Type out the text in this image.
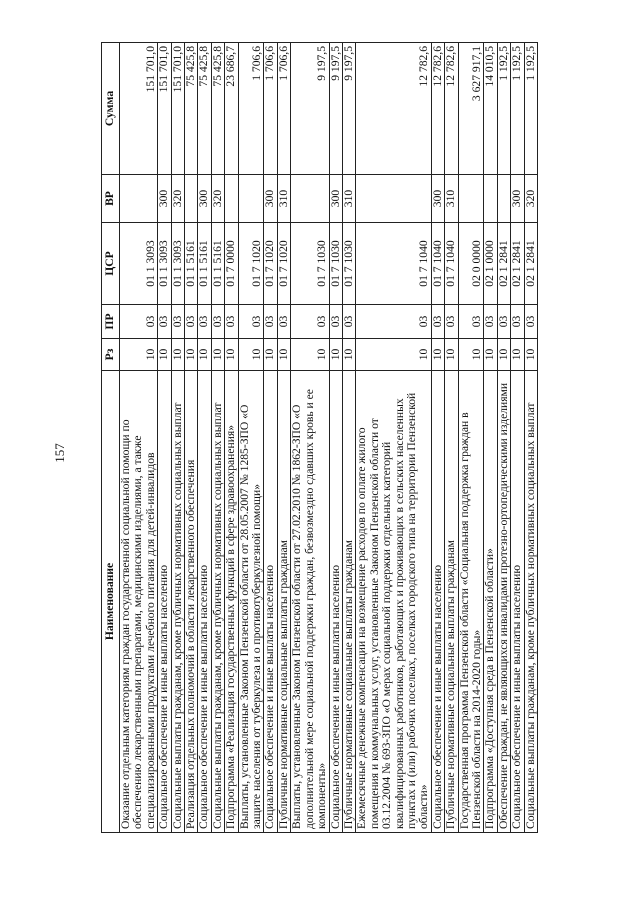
157
Наименование	Рз	ПР	ЦСР	ВР	Сумма
Оказание отдельным категориям граждан государственной социальной помощи по обеспечению лекарственными препаратами, медицинскими изделиями, а также специализированными продуктами лечебного питания для детей-инвалидов	10	03	01 1 3093		151 701,0
Социальное обеспечение и иные выплаты населению	10	03	01 1 3093	300	151 701,0
Социальные выплаты гражданам, кроме публичных нормативных социальных выплат	10	03	01 1 3093	320	151 701,0
Реализация отдельных полномочий в области лекарственного обеспечения	10	03	01 1 5161		75 425,8
Социальное обеспечение и иные выплаты населению	10	03	01 1 5161	300	75 425,8
Социальные выплаты гражданам, кроме публичных нормативных социальных выплат	10	03	01 1 5161	320	75 425,8
Подпрограмма «Реализация государственных функций в сфере здравоохранения»	10	03	01 7 0000		23 686,7
Выплаты, установленные Законом Пензенской области от 28.05.2007 № 1285-ЗПО «О защите населения от туберкулеза и о противотуберкулезной помощи»	10	03	01 7 1020		1 706,6
Социальное обеспечение и иные выплаты населению	10	03	01 7 1020	300	1 706,6
Публичные нормативные социальные выплаты гражданам	10	03	01 7 1020	310	1 706,6
Выплаты, установленные Законом Пензенской области от 27.02.2010 № 1862-ЗПО «О дополнительной мере социальной поддержки граждан, безвозмездно сдавших кровь и ее компоненты»	10	03	01 7 1030		9 197,5
Социальное обеспечение и иные выплаты населению	10	03	01 7 1030	300	9 197,5
Публичные нормативные социальные выплаты гражданам	10	03	01 7 1030	310	9 197,5
Ежемесячные денежные компенсации на возмещение расходов по оплате жилого помещения и коммунальных услуг, установленные Законом Пензенской области от 03.12.2004 № 693-ЗПО «О мерах социальной поддержки отдельных категорий квалифицированных работников, работающих и проживающих в сельских населенных пунктах и (или) рабочих поселках, поселках городского типа на территории Пензенской области»	10	03	01 7 1040		12 782,6
Социальное обеспечение и иные выплаты населению	10	03	01 7 1040	300	12 782,6
Публичные нормативные социальные выплаты гражданам	10	03	01 7 1040	310	12 782,6
Государственная программа Пензенской области «Социальная поддержка граждан в Пензенской области на 2014-2020 годы»	10	03	02 0 0000		3 627 917,1
Подпрограмма «Доступная среда в Пензенской области»	10	03	02 1 0000		14 010,5
Обеспечение граждан, не являющихся инвалидами протезно-ортопедическими изделиями	10	03	02 1 2841		1 192,5
Социальное обеспечение и иные выплаты населению	10	03	02 1 2841	300	1 192,5
Социальные выплаты гражданам, кроме публичных нормативных социальных выплат	10	03	02 1 2841	320	1 192,5
